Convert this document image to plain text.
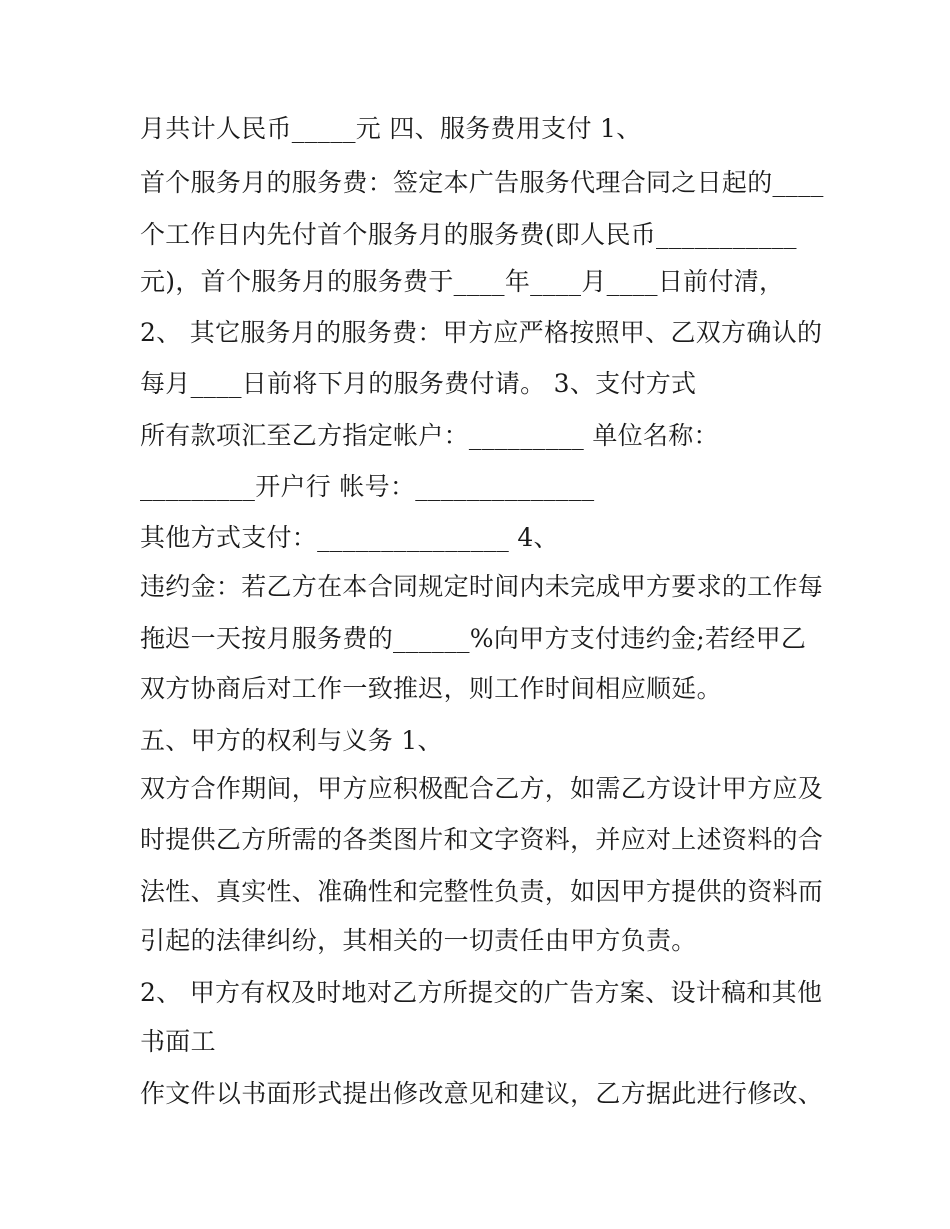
月共计人民币_____元 四、服务费用支付 1、
首个服务月的服务费：签定本广告服务代理合同之日起的____
个工作日内先付首个服务月的服务费(即人民币___________
元)，首个服务月的服务费于____年____月____日前付清，
2、 其它服务月的服务费：甲方应严格按照甲、乙双方确认的
每月____日前将下月的服务费付请。 3、支付方式
所有款项汇至乙方指定帐户：_________ 单位名称：
_________开户行 帐号：______________
其他方式支付：_______________ 4、
违约金：若乙方在本合同规定时间内未完成甲方要求的工作每
拖迟一天按月服务费的______%向甲方支付违约金;若经甲乙
双方协商后对工作一致推迟，则工作时间相应顺延。
五、甲方的权利与义务 1、
双方合作期间，甲方应积极配合乙方，如需乙方设计甲方应及
时提供乙方所需的各类图片和文字资料，并应对上述资料的合
法性、真实性、准确性和完整性负责，如因甲方提供的资料而
引起的法律纠纷，其相关的一切责任由甲方负责。
2、 甲方有权及时地对乙方所提交的广告方案、设计稿和其他
书面工
作文件以书面形式提出修改意见和建议，乙方据此进行修改、
